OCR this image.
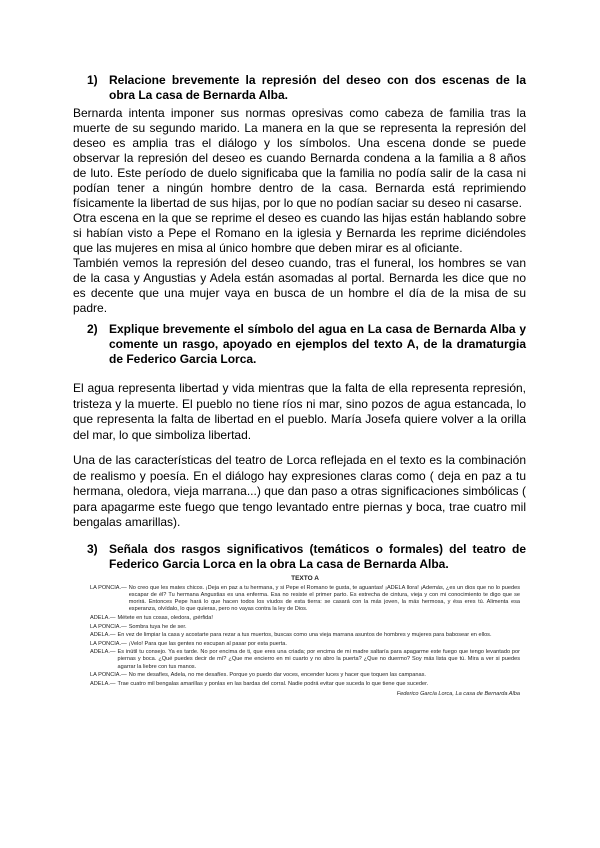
1) Relacione brevemente la represión del deseo con dos escenas de la obra La casa de Bernarda Alba.

Bernarda intenta imponer sus normas opresivas como cabeza de familia tras la muerte de su segundo marido. La manera en la que se representa la represión del deseo es amplia tras el diálogo y los símbolos. Una escena donde se puede observar la represión del deseo es cuando Bernarda condena a la familia a 8 años de luto. Este período de duelo significaba que la familia no podía salir de la casa ni podían tener a ningún hombre dentro de la casa. Bernarda está reprimiendo físicamente la libertad de sus hijas, por lo que no podían saciar su deseo ni casarse.

Otra escena en la que se reprime el deseo es cuando las hijas están hablando sobre si habían visto a Pepe el Romano en la iglesia y Bernarda les reprime diciéndoles que las mujeres en misa al único hombre que deben mirar es al oficiante.

También vemos la represión del deseo cuando, tras el funeral, los hombres se van de la casa y Angustias y Adela están asomadas al portal. Bernarda les dice que no es decente que una mujer vaya en busca de un hombre el día de la misa de su padre.

2) Explique brevemente el símbolo del agua en La casa de Bernarda Alba y comente un rasgo, apoyado en ejemplos del texto A, de la dramaturgia de Federico Garcia Lorca.

El agua representa libertad y vida mientras que la falta de ella representa represión, tristeza y la muerte. El pueblo no tiene ríos ni mar, sino pozos de agua estancada, lo que representa la falta de libertad en el pueblo. María Josefa quiere volver a la orilla del mar, lo que simboliza libertad.

Una de las características del teatro de Lorca reflejada en el texto es la combinación de realismo y poesía. En el diálogo hay expresiones claras como ( deja en paz a tu hermana, oledora, vieja marrana...) que dan paso a otras significaciones simbólicas ( para apagarme este fuego que tengo levantado entre piernas y boca, trae cuatro mil bengalas amarillas).

3) Señala dos rasgos significativos (temáticos o formales) del teatro de Federico Garcia Lorca en la obra La casa de Bernarda Alba.
TEXTO A
LA PONCIA.— No creo que les mates chicos. ¡Deja en paz a tu hermana, y si Pepe el Romano te gusta, te aguantas! ¡ADELA llora! ¡Además, ¿es un dios que no lo puedes escapar de él? Tu hermana Angustias es una enferma. Esa no resiste el primer parto. Es estrecha de cintura, vieja y con mi conocimiento te digo que se morirá. Entonces Pepe hará lo que hacen todos los viudos de esta tierra: se casará con la más joven, la más hermosa, y ésa eres tú. Alimenta esa esperanza, olvídalo, lo que quieras, pero no vayas contra la ley de Dios.
ADELA.— Métete en tus cosas, oledora, ¡pérfida!
LA PONCIA.— Sombra tuya he de ser.
ADELA.— En vez de limpiar la casa y acostarte para rezar a tus muertos, buscas como una vieja marrana asuntos de hombres y mujeres para babosear en ellos.
LA PONCIA.— ¡Velo! Para que las gentes no escupan al pasar por esta puerta.
ADELA.— Es inútil tu consejo. Ya es tarde. No por encima de ti, que eres una criada; por encima de mi madre saltaría para apagarme este fuego que tengo levantado por piernas y boca. ¿Qué puedes decir de mí? ¿Que me encierro en mi cuarto y no abro la puerta? ¿Que no duermo? Soy más lista que tú. Mira a ver si puedes agarrar la liebre con tus manos.
LA PONCIA.— No me desafíes, Adela, no me desafíes. Porque yo puedo dar voces, encender luces y hacer que toquen las campanas.
ADELA.— Trae cuatro mil bengalas amarillas y ponlas en las bardas del corral. Nadie podrá evitar que suceda lo que tiene que suceder.
Federico García Lorca, La casa de Bernarda Alba
